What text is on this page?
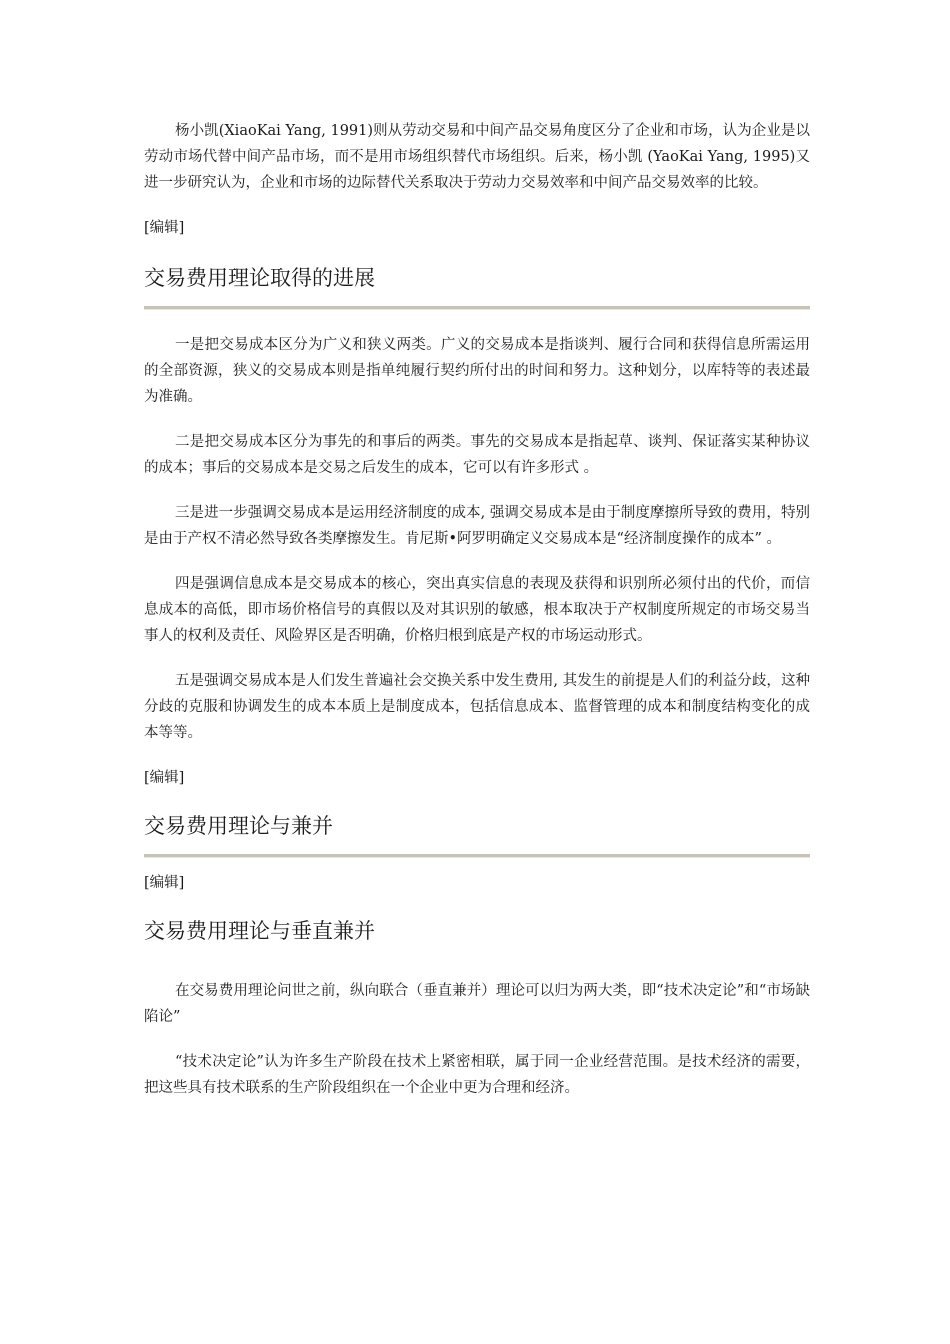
杨小凯(XiaoKai Yang, 1991)则从劳动交易和中间产品交易角度区分了企业和市场，认为企业是以劳动市场代替中间产品市场，而不是用市场组织替代市场组织。后来，杨小凯 (YaoKai Yang, 1995)又进一步研究认为，企业和市场的边际替代关系取决于劳动力交易效率和中间产品交易效率的比较。

[编辑]

交易费用理论取得的进展

一是把交易成本区分为广义和狭义两类。广义的交易成本是指谈判、履行合同和获得信息所需运用的全部资源，狭义的交易成本则是指单纯履行契约所付出的时间和努力。这种划分，以库特等的表述最为准确。

二是把交易成本区分为事先的和事后的两类。事先的交易成本是指起草、谈判、保证落实某种协议的成本；事后的交易成本是交易之后发生的成本，它可以有许多形式 。

三是进一步强调交易成本是运用经济制度的成本, 强调交易成本是由于制度摩擦所导致的费用，特别是由于产权不清必然导致各类摩擦发生。肯尼斯•阿罗明确定义交易成本是“经济制度操作的成本” 。

四是强调信息成本是交易成本的核心，突出真实信息的表现及获得和识别所必须付出的代价，而信息成本的高低，即市场价格信号的真假以及对其识别的敏感，根本取决于产权制度所规定的市场交易当事人的权利及责任、风险界区是否明确，价格归根到底是产权的市场运动形式。

五是强调交易成本是人们发生普遍社会交换关系中发生费用, 其发生的前提是人们的利益分歧，这种分歧的克服和协调发生的成本本质上是制度成本，包括信息成本、监督管理的成本和制度结构变化的成本等等。

[编辑]

交易费用理论与兼并

[编辑]

交易费用理论与垂直兼并

在交易费用理论问世之前，纵向联合（垂直兼并）理论可以归为两大类，即“技术决定论”和“市场缺陷论”

“技术决定论”认为许多生产阶段在技术上紧密相联，属于同一企业经营范围。是技术经济的需要，把这些具有技术联系的生产阶段组织在一个企业中更为合理和经济。
